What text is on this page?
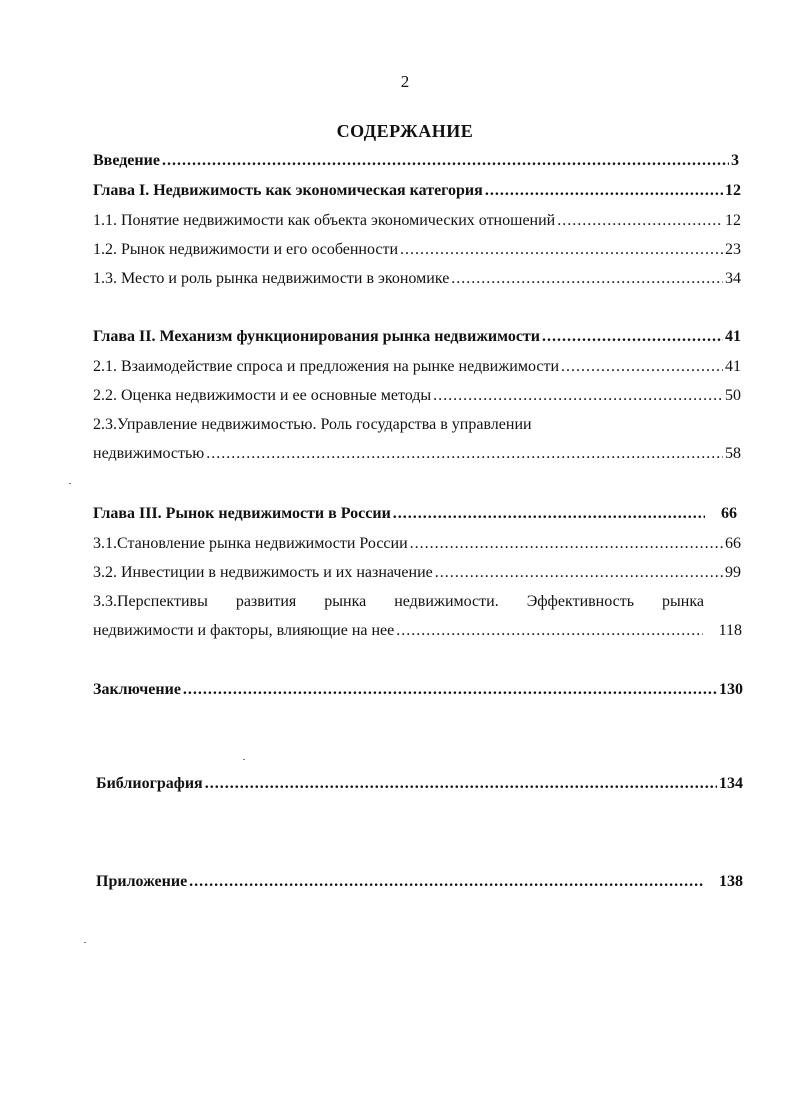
2
СОДЕРЖАНИЕ
Введение .....	3
Глава I. Недвижимость как экономическая категория .....	12
1.1. Понятие недвижимости как объекта экономических отношений .....	12
1.2. Рынок недвижимости и его особенности .....	23
1.3. Место и роль рынка недвижимости в экономике .....	34
Глава II. Механизм функционирования рынка недвижимости .....	41
2.1. Взаимодействие спроса и предложения на рынке недвижимости .....	41
2.2. Оценка недвижимости и ее основные методы .....	50
2.3.Управление недвижимостью. Роль государства в управлении
недвижимостью .....	58
Глава III. Рынок недвижимости в России .....	66
3.1.Становление рынка недвижимости России .....	66
3.2. Инвестиции в недвижимость и их назначение .....	99
3.3.Перспективы развития рынка недвижимости. Эффективность рынка
недвижимости и факторы, влияющие на нее .....	118
Заключение .....	130
Библиография .....	134
Приложение .....	138
